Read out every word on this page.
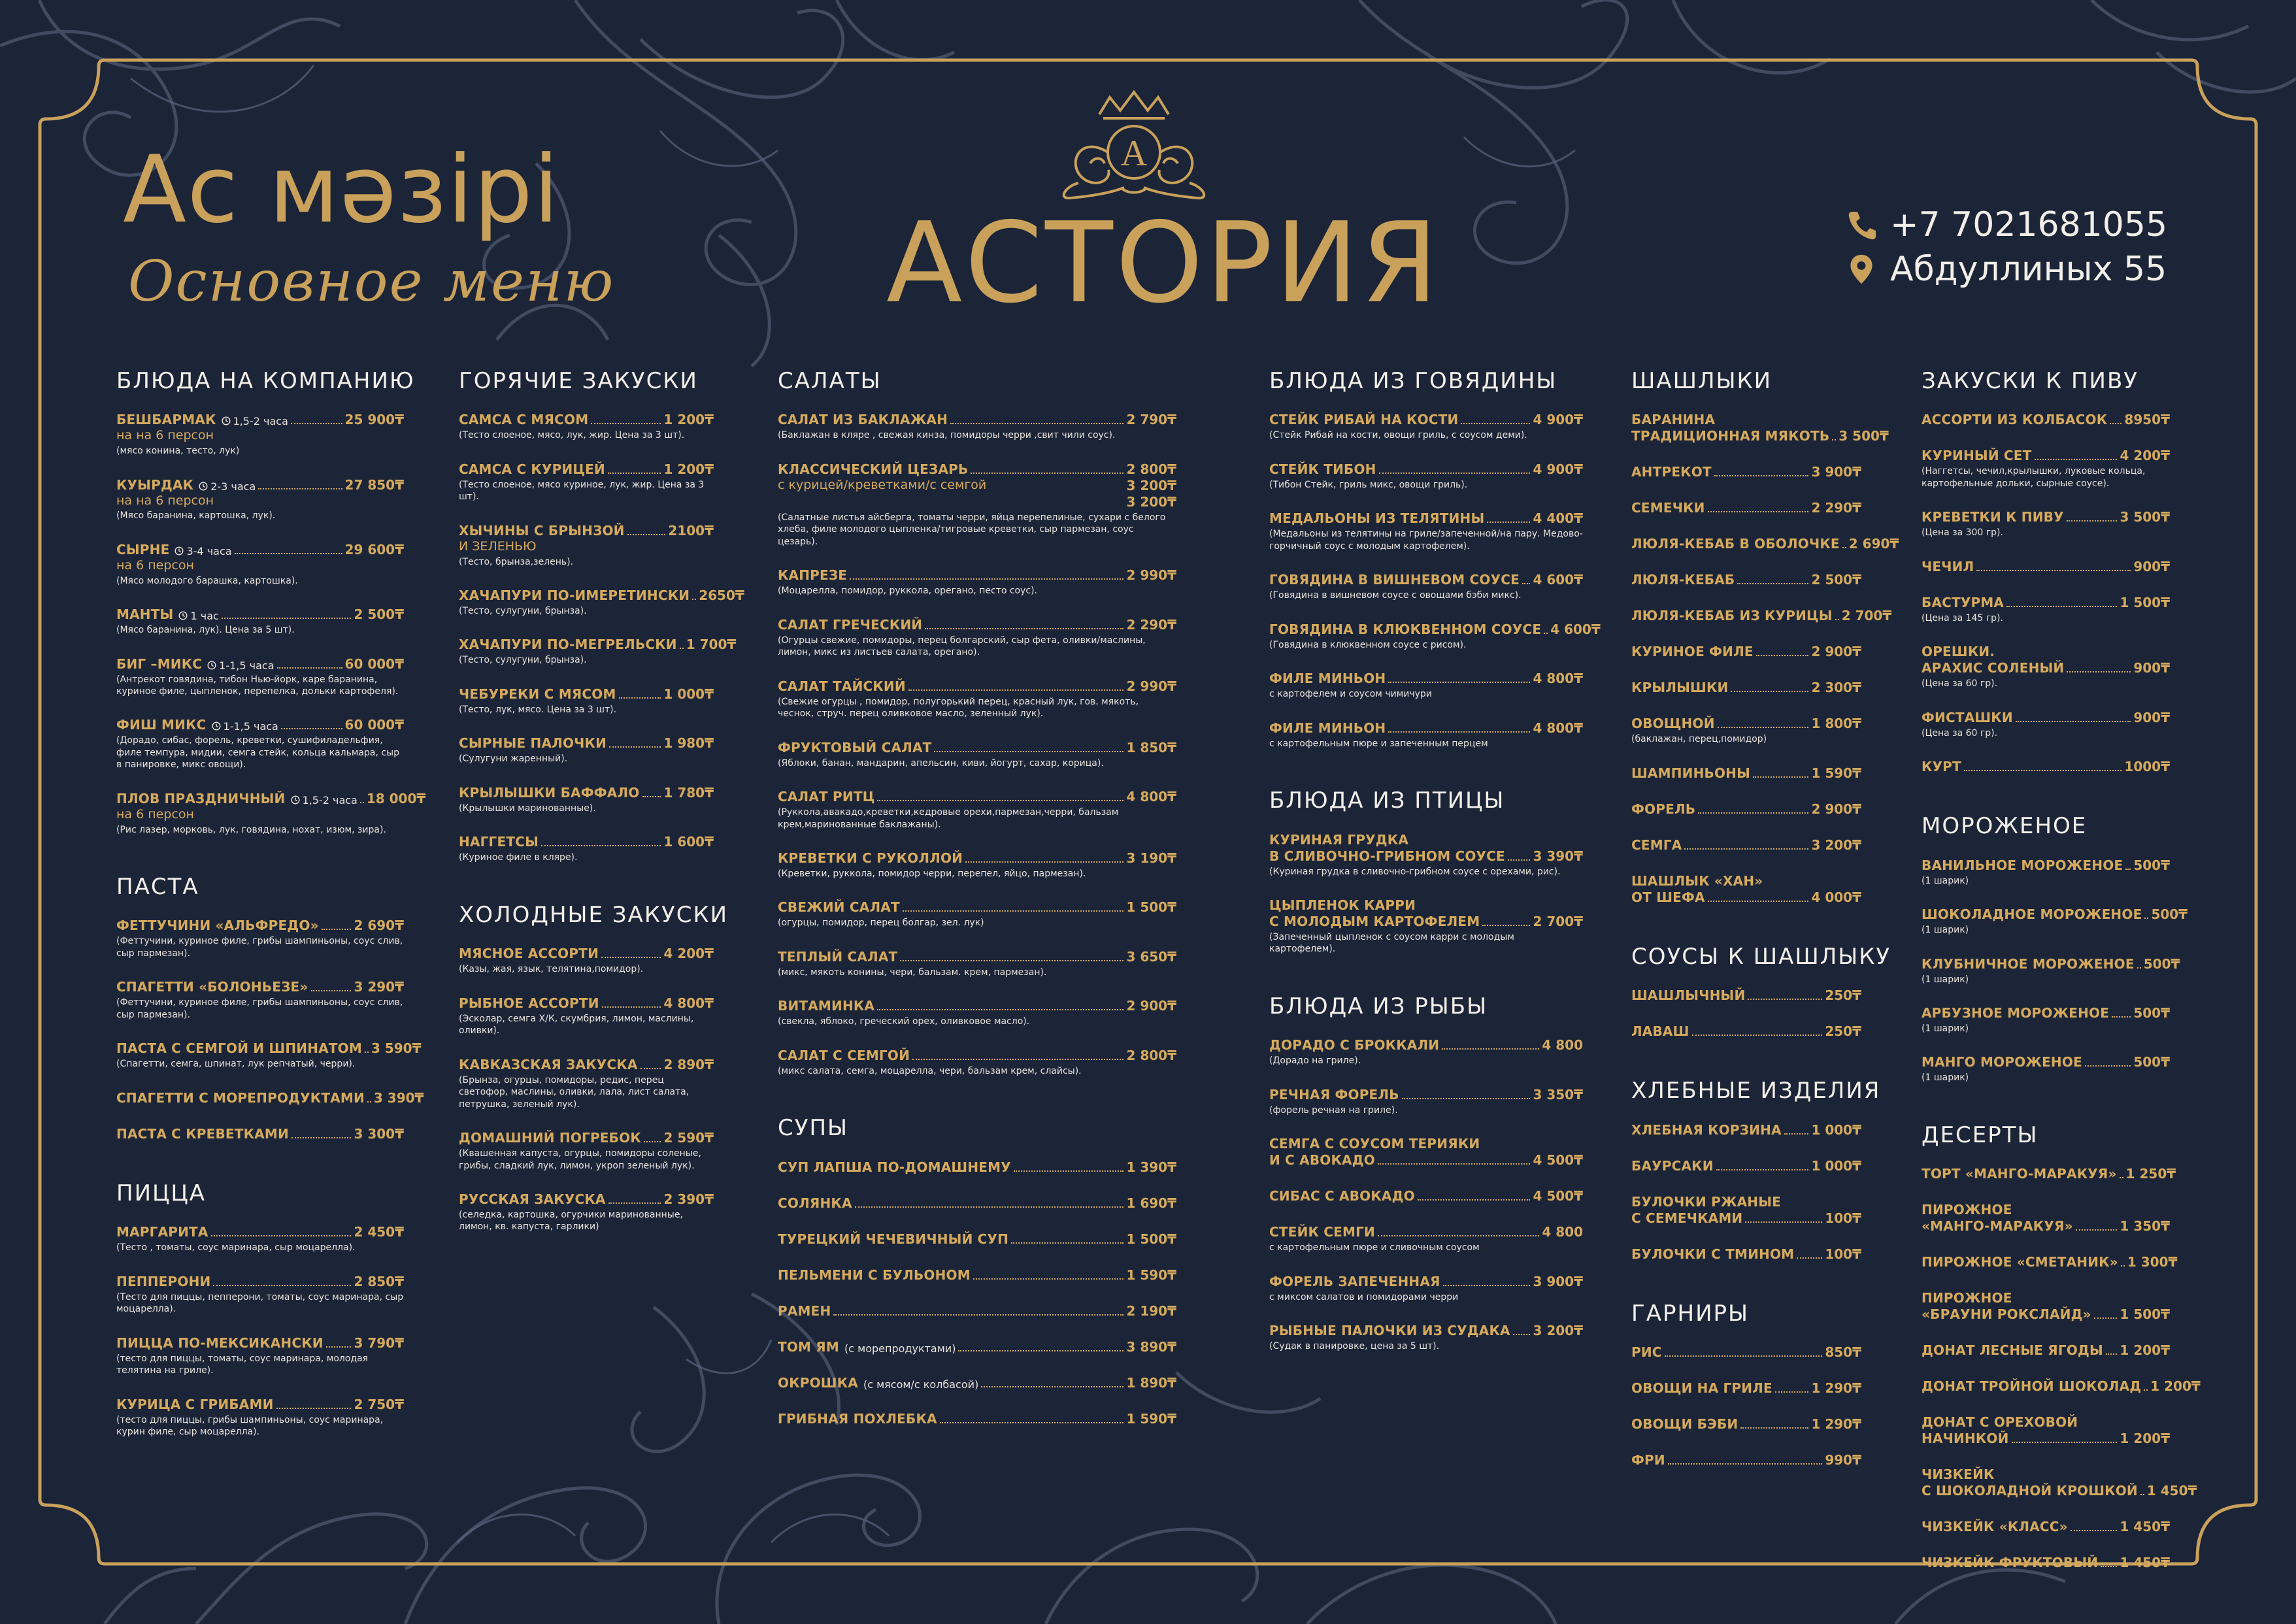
Ас мәзірі
Основное меню
A
АСТОРИЯ	+7 7021681055
Абдуллиных 55
БЛЮДА НА КОМПАНИЮ
БЕШБАРМАК	1,5-2 часа	25 900₸
на на 6 персон
(мясо конина, тесто, лук)
КУЫРДАК	2-3 часа	27 850₸
на на 6 персон
(Мясо баранина, картошка, лук).
СЫРНЕ	3-4 часа	29 600₸
на 6 персон
(Мясо молодого барашка, картошка).
МАНТЫ	1 час	2 500₸
(Мясо баранина, лук). Цена за 5 шт).
БИГ –МИКС	1-1,5 часа	60 000₸
(Антрекот говядина, тибон Нью-йорк, каре баранина, куриное филе, цыпленок, перепелка, дольки картофеля).
ФИШ МИКС	1-1,5 часа	60 000₸
(Дорадо, сибас, форель, креветки, сушифиладельфия, филе темпура, мидии, семга стейк, кольца кальмара, сыр в панировке, микс овощи).
ПЛОВ ПРАЗДНИЧНЫЙ	1,5-2 часа 18 000₸
на 6 персон
(Рис лазер, морковь, лук, говядина, нохат, изюм, зира).
ПАСТА
ФЕТТУЧИНИ «АЛЬФРЕДО»	2 690₸
(Феттучини, куриное филе, грибы шампиньоны, соус слив, сыр пармезан).
СПАГЕТТИ «БОЛОНЬЕЗЕ»	3 290₸
(Феттучини, куриное филе, грибы шампиньоны, соус слив, сыр пармезан).
ПАСТА С СЕМГОЙ И ШПИНАТОМ 3 590₸
(Спагетти, семга, шпинат, лук репчатый, черри).
СПАГЕТТИ С МОРЕПРОДУКТАМИ 3 390₸
ПАСТА С КРЕВЕТКАМИ	3 300₸
ПИЦЦА
МАРГАРИТА	2 450₸
(Тесто , томаты, соус маринара, сыр моцарелла).
ПЕППЕРОНИ	2 850₸
(Тесто для пиццы, пепперони, томаты, соус маринара, сыр моцарелла).
ПИЦЦА ПО-МЕКСИКАНСКИ 3 790₸
(тесто для пиццы, томаты, соус маринара, молодая телятина на гриле).
КУРИЦА С ГРИБАМИ	2 750₸
(тесто для пиццы, грибы шампиньоны, соус маринара, курин филе, сыр моцарелла).
ГОРЯЧИЕ ЗАКУСКИ
САМСА С МЯСОМ	1 200₸
(Тесто слоеное, мясо, лук, жир. Цена за 3 шт).
САМСА С КУРИЦЕЙ	1 200₸
(Тесто слоеное, мясо куриное, лук, жир. Цена за 3 шт).
ХЫЧИНЫ С БРЫНЗОЙ	2100₸
И ЗЕЛЕНЬЮ
(Тесто, брынза,зелень).
ХАЧАПУРИ ПО-ИМЕРЕТИНСКИ 2650₸
(Тесто, сулугуни, брынза).
ХАЧАПУРИ ПО-МЕГРЕЛЬСКИ 1 700₸
(Тесто, сулугуни, брынза).
ЧЕБУРЕКИ С МЯСОМ	1 000₸
(Тесто, лук, мясо. Цена за 3 шт).
СЫРНЫЕ ПАЛОЧКИ	1 980₸
(Сулугуни жаренный).
КРЫЛЫШКИ БАФФАЛО 1 780₸
(Крылышки маринованные).
НАГГЕТСЫ	1 600₸
(Куриное филе в кляре).
ХОЛОДНЫЕ ЗАКУСКИ
МЯСНОЕ АССОРТИ	4 200₸
(Казы, жая, язык, телятина,помидор).
РЫБНОЕ АССОРТИ	4 800₸
(Эсколар, семга Х/К, скумбрия, лимон, маслины, оливки).
КАВКАЗСКАЯ ЗАКУСКА 2 890₸
(Брынза, огурцы, помидоры, редис, перец светофор, маслины, оливки, лала, лист салата, петрушка, зеленый лук).
ДОМАШНИЙ ПОГРЕБОК 2 590₸
(Квашенная капуста, огурцы, помидоры соленые, грибы, сладкий лук, лимон, укроп зеленый лук).
РУССКАЯ ЗАКУСКА	2 390₸
(селедка, картошка, огурчики маринованные, лимон, кв. капуста, гарлики)
САЛАТЫ
САЛАТ ИЗ БАКЛАЖАН	2 790₸
(Баклажан в кляре , свежая кинза, помидоры черри ,свит чили соус).
КЛАССИЧЕСКИЙ ЦЕЗАРЬ	2 800₸
с курицей/креветками/с семгой	3 200₸
3 200₸
(Салатные листья айсберга, томаты черри, яйца перепелиные, сухари с белого хлеба, филе молодого цыпленка/тигровые креветки, сыр пармезан, соус цезарь).
КАПРЕЗЕ	2 990₸
(Моцарелла, помидор, руккола, орегано, песто соус).
САЛАТ ГРЕЧЕСКИЙ	2 290₸
(Огурцы свежие, помидоры, перец болгарский, сыр фета, оливки/маслины, лимон, микс из листьев салата, орегано).
САЛАТ ТАЙСКИЙ	2 990₸
(Свежие огурцы , помидор, полугорький перец, красный лук, гов. мякоть, чеснок, струч. перец оливковое масло, зеленный лук).
ФРУКТОВЫЙ САЛАТ	1 850₸
(Яблоки, банан, мандарин, апельсин, киви, йогурт, сахар, корица).
САЛАТ РИТЦ	4 800₸
(Руккола,авакадо,креветки,кедровые орехи,пармезан,черри, бальзам крем,маринованные баклажаны).
КРЕВЕТКИ С РУКОЛЛОЙ	3 190₸
(Креветки, руккола, помидор черри, перепел, яйцо, пармезан).
СВЕЖИЙ САЛАТ	1 500₸
(огурцы, помидор, перец болгар, зел. лук)
ТЕПЛЫЙ САЛАТ	3 650₸
(микс, мякоть конины, чери, бальзам. крем, пармезан).
ВИТАМИНКА	2 900₸
(свекла, яблоко, греческий орех, оливковое масло).
САЛАТ С СЕМГОЙ	2 800₸
(микс салата, семга, моцарелла, чери, бальзам крем, слайсы).
СУПЫ
СУП ЛАПША ПО-ДОМАШНЕМУ	1 390₸
СОЛЯНКА	1 690₸
ТУРЕЦКИЙ ЧЕЧЕВИЧНЫЙ СУП	1 500₸
ПЕЛЬМЕНИ С БУЛЬОНОМ	1 590₸
РАМЕН	2 190₸
ТОМ ЯМ (с морепродуктами)	3 890₸
ОКРОШКА (с мясом/с колбасой)	1 890₸
ГРИБНАЯ ПОХЛЕБКА	1 590₸
БЛЮДА ИЗ ГОВЯДИНЫ
СТЕЙК РИБАЙ НА КОСТИ	4 900₸
(Стейк Рибай на кости, овощи гриль, с соусом деми).
СТЕЙК ТИБОН	4 900₸
(Тибон Стейк, гриль микс, овощи гриль).
МЕДАЛЬОНЫ ИЗ ТЕЛЯТИНЫ	4 400₸
(Медальоны из телятины на гриле/запеченной/на пару. Медово-горчичный соус с молодым картофелем).
ГОВЯДИНА В ВИШНЕВОМ СОУСЕ 4 600₸
(Говядина в вишневом соусе с овощами бэби микс).
ГОВЯДИНА В КЛЮКВЕННОМ СОУСЕ 4 600₸
(Говядина в клюквенном соусе с рисом).
ФИЛЕ МИНЬОН	4 800₸
с картофелем и соусом чимичури
ФИЛЕ МИНЬОН	4 800₸
с картофельным пюре и запеченным перцем
БЛЮДА ИЗ ПТИЦЫ
КУРИНАЯ ГРУДКА
В СЛИВОЧНО-ГРИБНОМ СОУСЕ 3 390₸
(Куриная грудка в сливочно-грибном соусе с орехами, рис).
ЦЫПЛЕНОК КАРРИ
С МОЛОДЫМ КАРТОФЕЛЕМ	2 700₸
(Запеченный цыпленок с соусом карри с молодым картофелем).
БЛЮДА ИЗ РЫБЫ
ДОРАДО С БРОККАЛИ	4 800
(Дорадо на гриле).
РЕЧНАЯ ФОРЕЛЬ	3 350₸
(форель речная на гриле).
СЕМГА С СОУСОМ ТЕРИЯКИ
И С АВОКАДО	4 500₸
СИБАС С АВОКАДО	4 500₸
СТЕЙК СЕМГИ	4 800
с картофельным пюре и сливочным соусом
ФОРЕЛЬ ЗАПЕЧЕННАЯ	3 900₸
с миксом салатов и помидорами черри
РЫБНЫЕ ПАЛОЧКИ ИЗ СУДАКА 3 200₸
(Судак в панировке, цена за 5 шт).
ШАШЛЫКИ
БАРАНИНА
ТРАДИЦИОННАЯ МЯКОТЬ 3 500₸
АНТРЕКОТ	3 900₸
СЕМЕЧКИ	2 290₸
ЛЮЛЯ-КЕБАБ В ОБОЛОЧКЕ 2 690₸
ЛЮЛЯ-КЕБАБ	2 500₸
ЛЮЛЯ-КЕБАБ ИЗ КУРИЦЫ 2 700₸
КУРИНОЕ ФИЛЕ	2 900₸
КРЫЛЫШКИ	2 300₸
ОВОЩНОЙ	1 800₸
(баклажан, перец,помидор)
ШАМПИНЬОНЫ	1 590₸
ФОРЕЛЬ	2 900₸
СЕМГА	3 200₸
ШАШЛЫК «ХАН»
ОТ ШЕФА	4 000₸
СОУСЫ К ШАШЛЫКУ
ШАШЛЫЧНЫЙ	250₸
ЛАВАШ	250₸
ХЛЕБНЫЕ ИЗДЕЛИЯ
ХЛЕБНАЯ КОРЗИНА 1 000₸
БАУРСАКИ	1 000₸
БУЛОЧКИ РЖАНЫЕ
С СЕМЕЧКАМИ	100₸
БУЛОЧКИ С ТМИНОМ 100₸
ГАРНИРЫ
РИС	850₸
ОВОЩИ НА ГРИЛЕ	1 290₸
ОВОЩИ БЭБИ	1 290₸
ФРИ	990₸
ЗАКУСКИ К ПИВУ
АССОРТИ ИЗ КОЛБАСОК 8950₸
КУРИНЫЙ СЕТ	4 200₸
(Наггетсы, чечил,крылышки, луковые кольца, картофельные дольки, сырные соусе).
КРЕВЕТКИ К ПИВУ	3 500₸
(Цена за 300 гр).
ЧЕЧИЛ	900₸
БАСТУРМА	1 500₸
(Цена за 145 гр).
ОРЕШКИ.
АРАХИС СОЛЕНЫЙ	900₸
(Цена за 60 гр).
ФИСТАШКИ	900₸
(Цена за 60 гр).
КУРТ	1000₸
МОРОЖЕНОЕ
ВАНИЛЬНОЕ МОРОЖЕНОЕ 500₸
(1 шарик)
ШОКОЛАДНОЕ МОРОЖЕНОЕ 500₸
(1 шарик)
КЛУБНИЧНОЕ МОРОЖЕНОЕ 500₸
(1 шарик)
АРБУЗНОЕ МОРОЖЕНОЕ 500₸
(1 шарик)
МАНГО МОРОЖЕНОЕ	500₸
(1 шарик)
ДЕСЕРТЫ
ТОРТ «МАНГО-МАРАКУЯ» 1 250₸
ПИРОЖНОЕ
«МАНГО-МАРАКУЯ»	1 350₸
ПИРОЖНОЕ «СМЕТАНИК» 1 300₸
ПИРОЖНОЕ
«БРАУНИ РОКСЛАЙД» 1 500₸
ДОНАТ ЛЕСНЫЕ ЯГОДЫ 1 200₸
ДОНАТ ТРОЙНОЙ ШОКОЛАД 1 200₸
ДОНАТ С ОРЕХОВОЙ
НАЧИНКОЙ	1 200₸
ЧИЗКЕЙК
С ШОКОЛАДНОЙ КРОШКОЙ 1 450₸
ЧИЗКЕЙК «КЛАСС»	1 450₸
ЧИЗКЕЙК ФРУКТОВЫЙ 1 450₸
